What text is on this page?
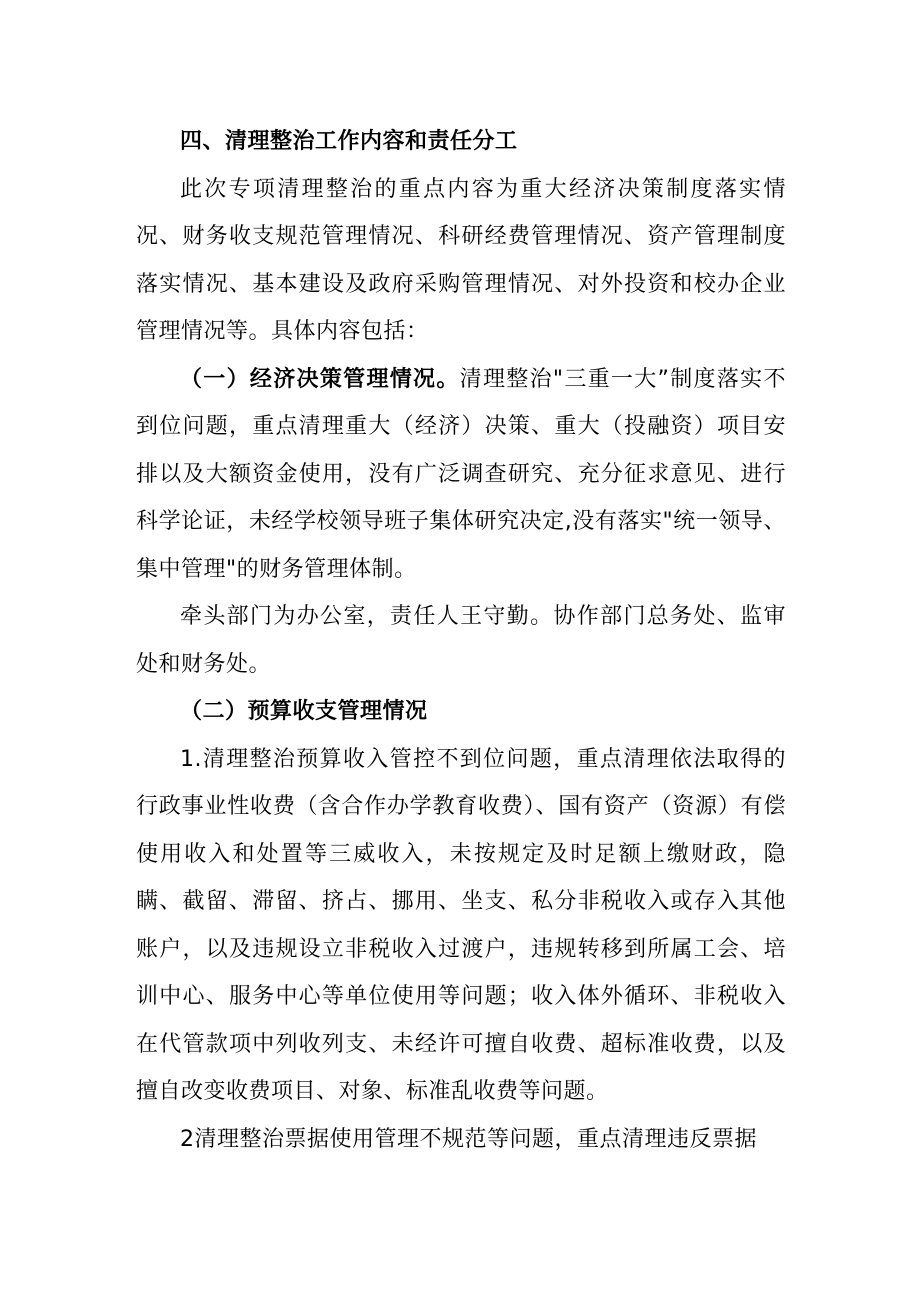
四、清理整治工作内容和责任分工

此次专项清理整治的重点内容为重大经济决策制度落实情况、财务收支规范管理情况、科研经费管理情况、资产管理制度落实情况、基本建设及政府采购管理情况、对外投资和校办企业管理情况等。具体内容包括：

（一）经济决策管理情况。清理整治"三重一大”制度落实不到位问题，重点清理重大（经济）决策、重大（投融资）项目安排以及大额资金使用，没有广泛调查研究、充分征求意见、进行科学论证，未经学校领导班子集体研究决定,没有落实"统一领导、集中管理"的财务管理体制。

牵头部门为办公室，责任人王守勤。协作部门总务处、监审处和财务处。

（二）预算收支管理情况

1.清理整治预算收入管控不到位问题，重点清理依法取得的行政事业性收费（含合作办学教育收费）、国有资产（资源）有偿使用收入和处置等三威收入，未按规定及时足额上缴财政，隐瞒、截留、滞留、挤占、挪用、坐支、私分非税收入或存入其他账户，以及违规设立非税收入过渡户，违规转移到所属工会、培训中心、服务中心等单位使用等问题；收入体外循环、非税收入在代管款项中列收列支、未经许可擅自收费、超标准收费，以及擅自改变收费项目、对象、标准乱收费等问题。

2清理整治票据使用管理不规范等问题，重点清理违反票据
